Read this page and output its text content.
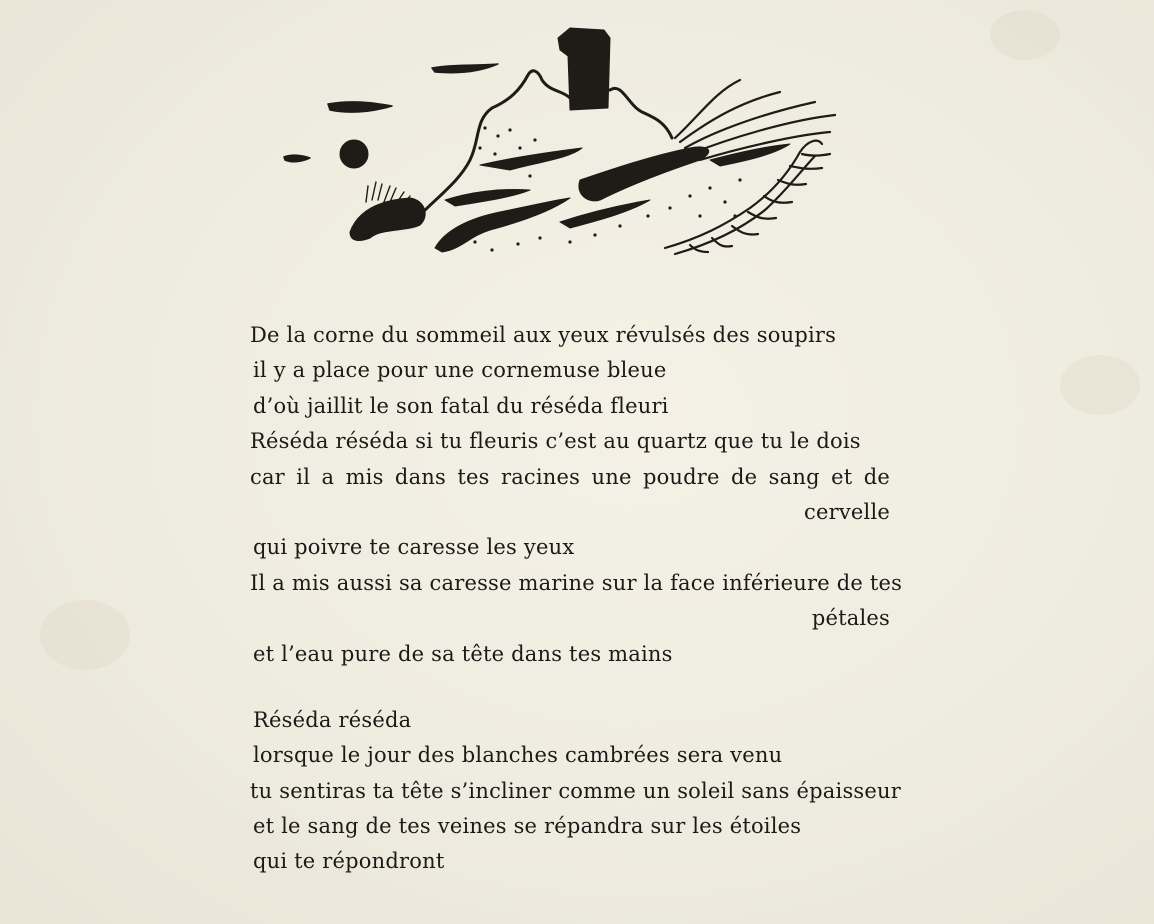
De la corne du sommeil aux yeux révulsés des soupirs
il y a place pour une cornemuse bleue
d’où jaillit le son fatal du réséda fleuri
Réséda réséda si tu fleuris c’est au quartz que tu le dois
car il a mis dans tes racines une poudre de sang et de
cervelle
qui poivre te caresse les yeux
Il a mis aussi sa caresse marine sur la face inférieure de tes
pétales
et l’eau pure de sa tête dans tes mains
Réséda réséda
lorsque le jour des blanches cambrées sera venu
tu sentiras ta tête s’incliner comme un soleil sans épaisseur
et le sang de tes veines se répandra sur les étoiles
qui te répondront
